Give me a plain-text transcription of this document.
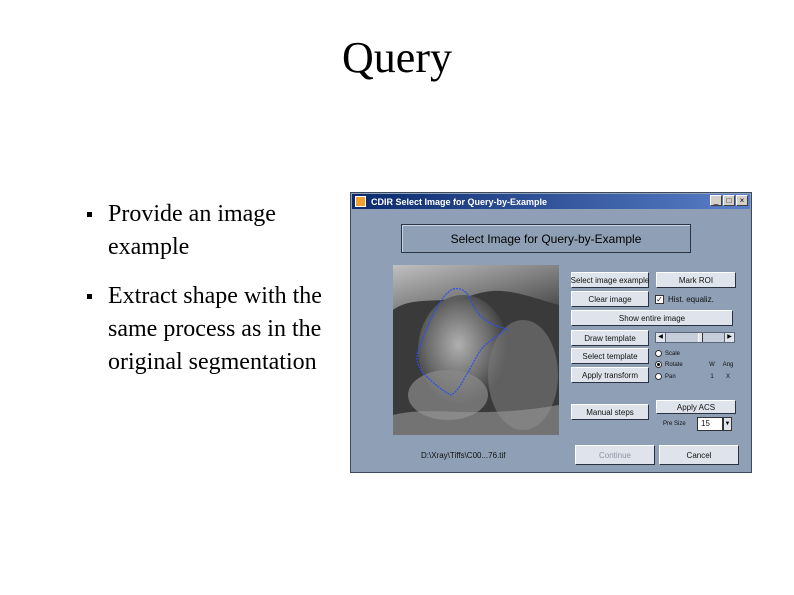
Query
Provide an image example
Extract shape with the same process as in the original segmentation
CDIR Select Image for Query-by-Example	_	□	×
Select Image for Query-by-Example
D:\Xray\Tiffs\C00...76.tif
Select image example	Mark ROI
Clear image	✓ Hist. equaliz.
Show entire image
Draw template	◀	▶
Select template
Apply transform
Scale
Rotate	W	Ang
Pan	1	X
Manual steps
Apply ACS
Pre Size	15	▼
Continue	Cancel
